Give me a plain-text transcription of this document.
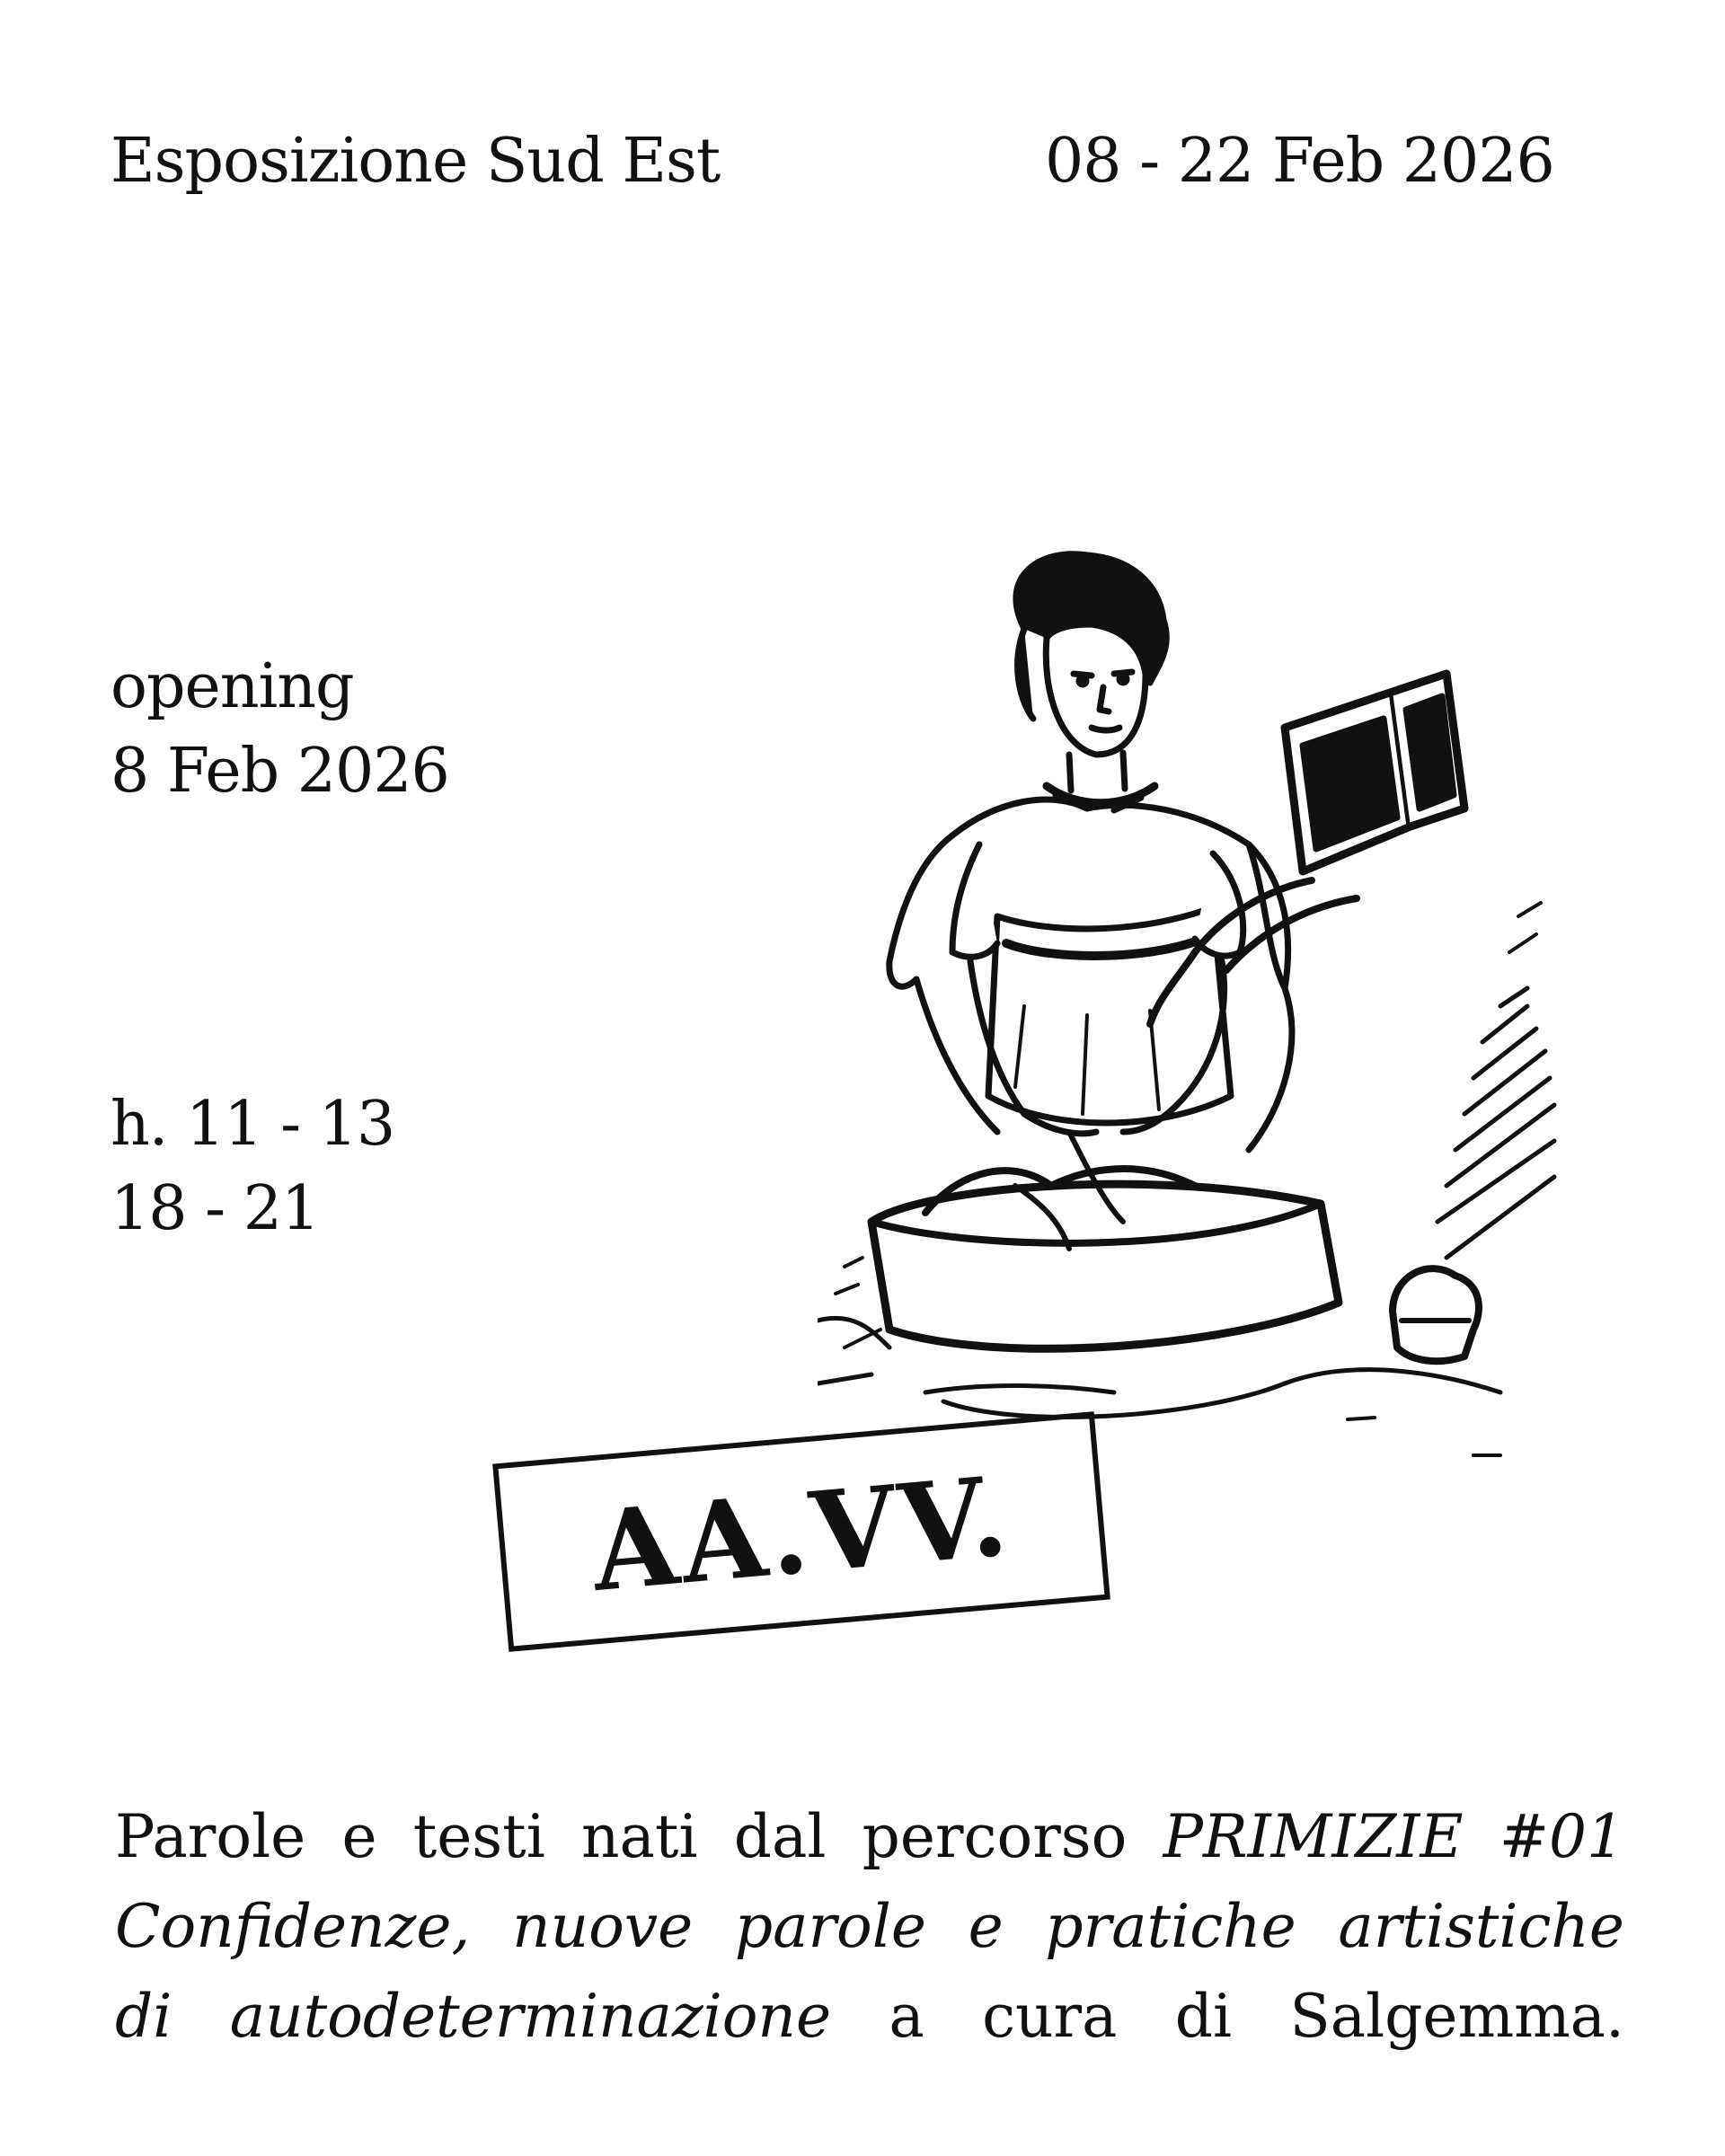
Esposizione Sud Est	08 - 22 Feb 2026
opening
8 Feb 2026
h. 11 - 13
18 - 21
AA.VV.
Parole e testi nati dal percorso PRIMIZIE #01
Confidenze, nuove parole e pratiche artistiche
di autodeterminazione a cura di Salgemma.
